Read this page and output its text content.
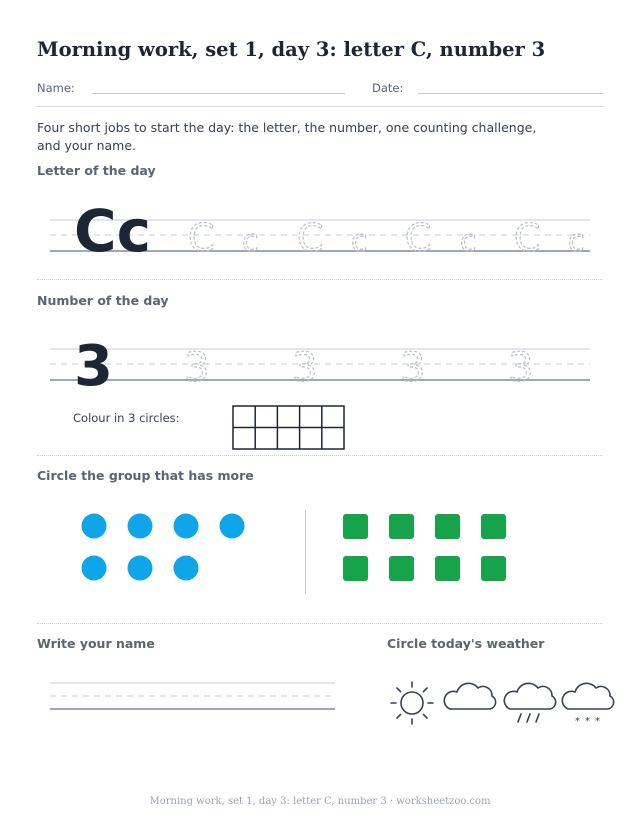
Morning work, set 1, day 3: letter C, number 3
Name:	Date:
Four short jobs to start the day: the letter, the number, one counting challenge, and your name.
Letter of the day
Cc C c C c C c C c
Number of the day
3 3 3 3 3
Colour in 3 circles:
Circle the group that has more
Write your name	Circle today's weather
* * *
Morning work, set 1, day 3: letter C, number 3 · worksheetzoo.com
